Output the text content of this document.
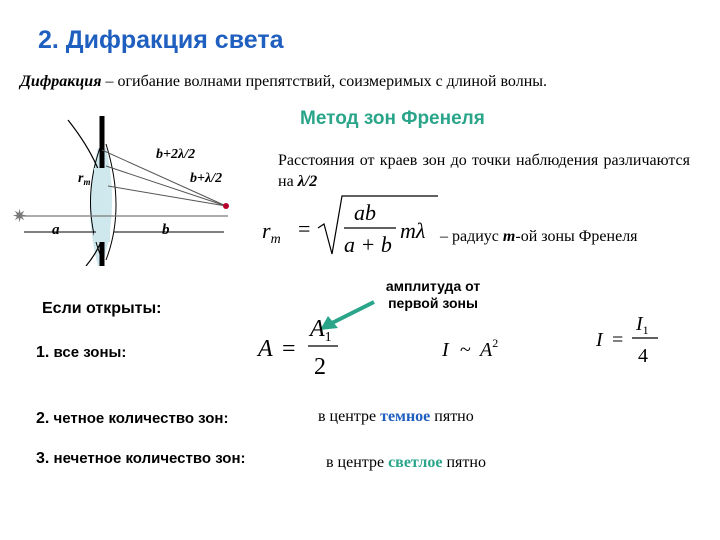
2. Дифракция света
Дифракция – огибание волнами препятствий, соизмеримых с длиной волны.
Метод зон Френеля
Расстояния от краев зон до точки наблюдения различаются на λ/2
✷
$r_m$
b+2λ/2
b+λ/2
a	b	$r_m$ =
ab
a + b
mλ – радиус m-ой зоны Френеля
амплитуда от первой зоны
Если открыты:
1. все зоны:	A =
$A_1$
2
I ~ $A^2$	I =
$I_1$
4
2. четное количество зон:	в центре темное пятно
3. нечетное количество зон:	в центре светлое пятно
